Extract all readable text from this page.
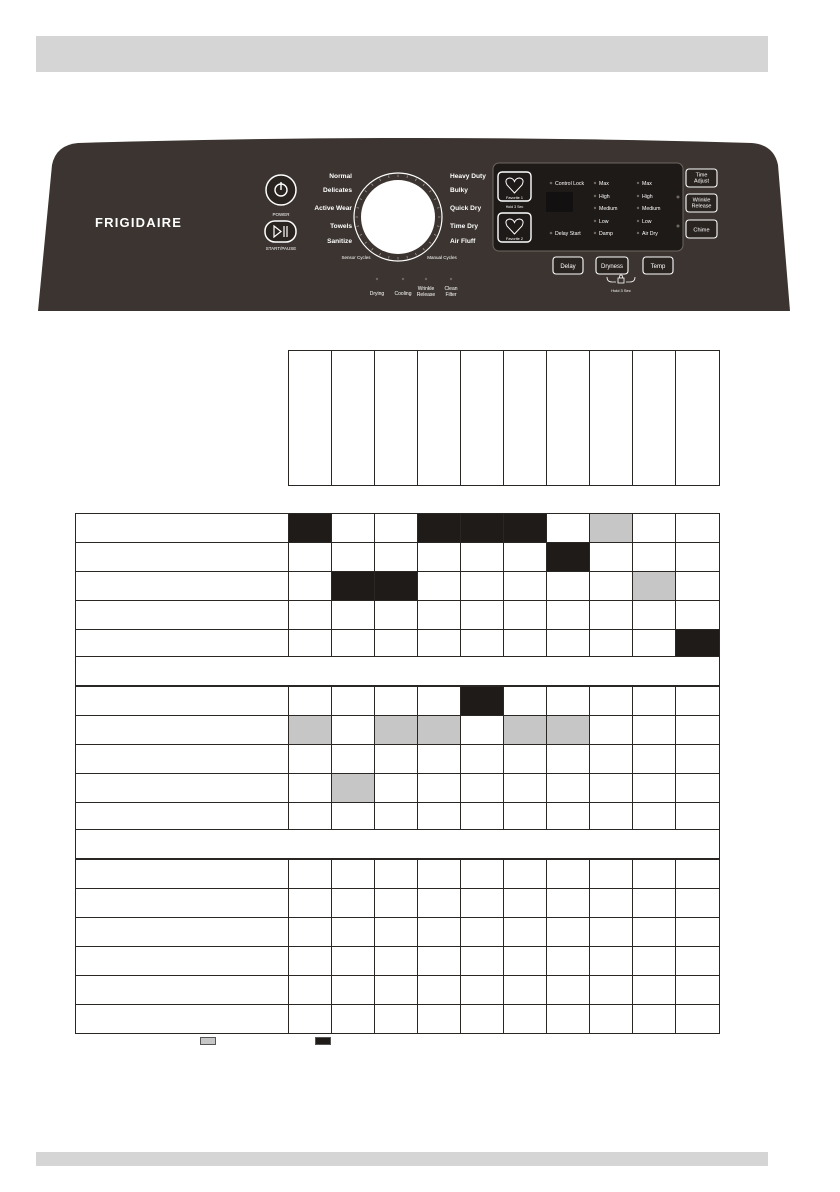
FRIGIDAIRE
POWER
START/PAUSE
Normal
Delicates
Active Wear
Towels
Sanitize
Heavy Duty
Bulky
Quick Dry
Time Dry
Air Fluff
Sensor Cycles	Manual Cycles
Drying Cooling
Wrinkle Release
Clean Filter
Favorite 1
Hold 3 Sec
Favorite 2
Control Lock
Delay Start
Max
High
Medium
Low
Damp
Max
High
Medium
Low
Air Dry
Delay	Dryness	Temp
Hold 3 Sec
Time Adjust
Wrinkle Release
Chime
